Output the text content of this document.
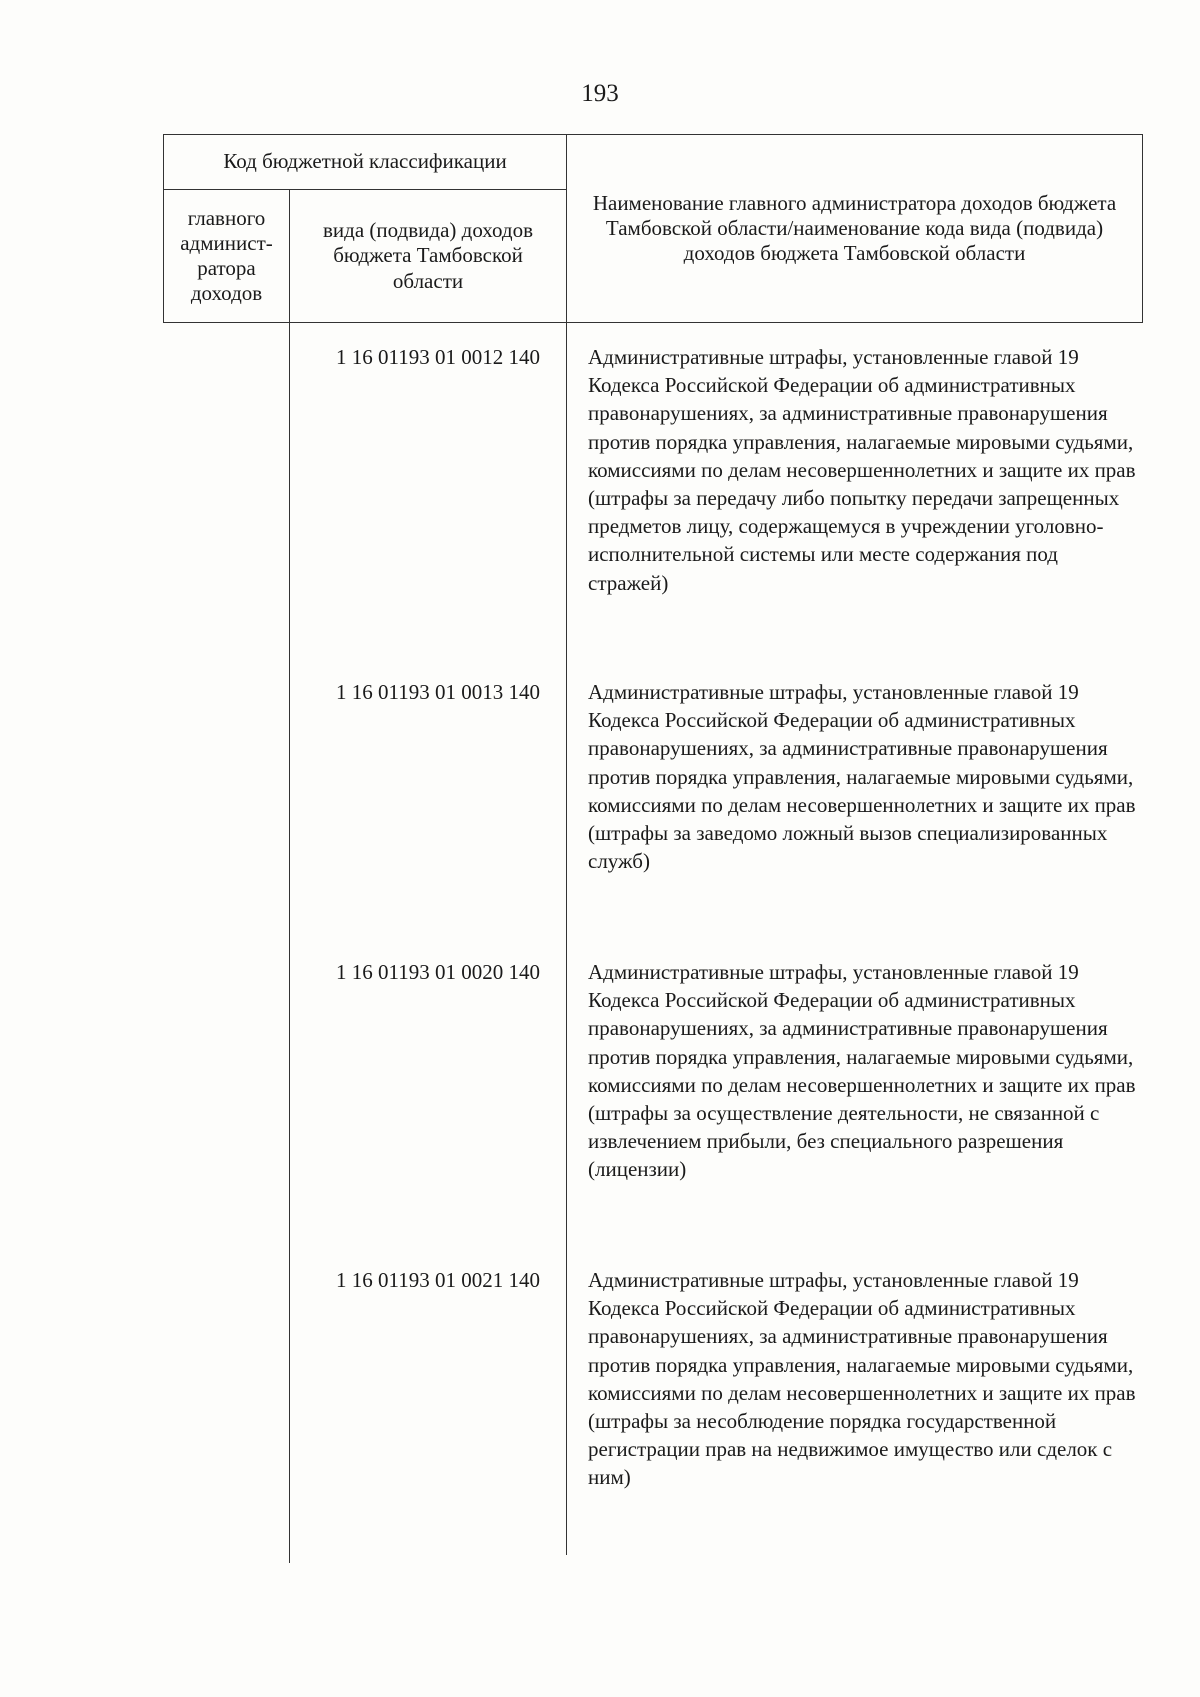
193
Код бюджетной классификации		Наименование главного администратора доходов бюджета Тамбовской области/наименование кода вида (подвида) доходов бюджета Тамбовской области
главного админист-ратора доходов	вида (подвида) доходов бюджета Тамбовской области	
1 16 01193 01 0012 140	Административные штрафы, установленные главой 19 Кодекса Российской Федерации об административных правонарушениях, за административные правонарушения против порядка управления, налагаемые мировыми судьями, комиссиями по делам несовершеннолетних и защите их прав (штрафы за передачу либо попытку передачи запрещенных предметов лицу, содержащемуся в учреждении уголовно-исполнительной системы или месте содержания под стражей)
1 16 01193 01 0013 140	Административные штрафы, установленные главой 19 Кодекса Российской Федерации об административных правонарушениях, за административные правонарушения против порядка управления, налагаемые мировыми судьями, комиссиями по делам несовершеннолетних и защите их прав (штрафы за заведомо ложный вызов специализированных служб)
1 16 01193 01 0020 140	Административные штрафы, установленные главой 19 Кодекса Российской Федерации об административных правонарушениях, за административные правонарушения против порядка управления, налагаемые мировыми судьями, комиссиями по делам несовершеннолетних и защите их прав (штрафы за осуществление деятельности, не связанной с извлечением прибыли, без специального разрешения (лицензии)
1 16 01193 01 0021 140	Административные штрафы, установленные главой 19 Кодекса Российской Федерации об административных правонарушениях, за административные правонарушения против порядка управления, налагаемые мировыми судьями, комиссиями по делам несовершеннолетних и защите их прав (штрафы за несоблюдение порядка государственной регистрации прав на недвижимое имущество или сделок с ним)
